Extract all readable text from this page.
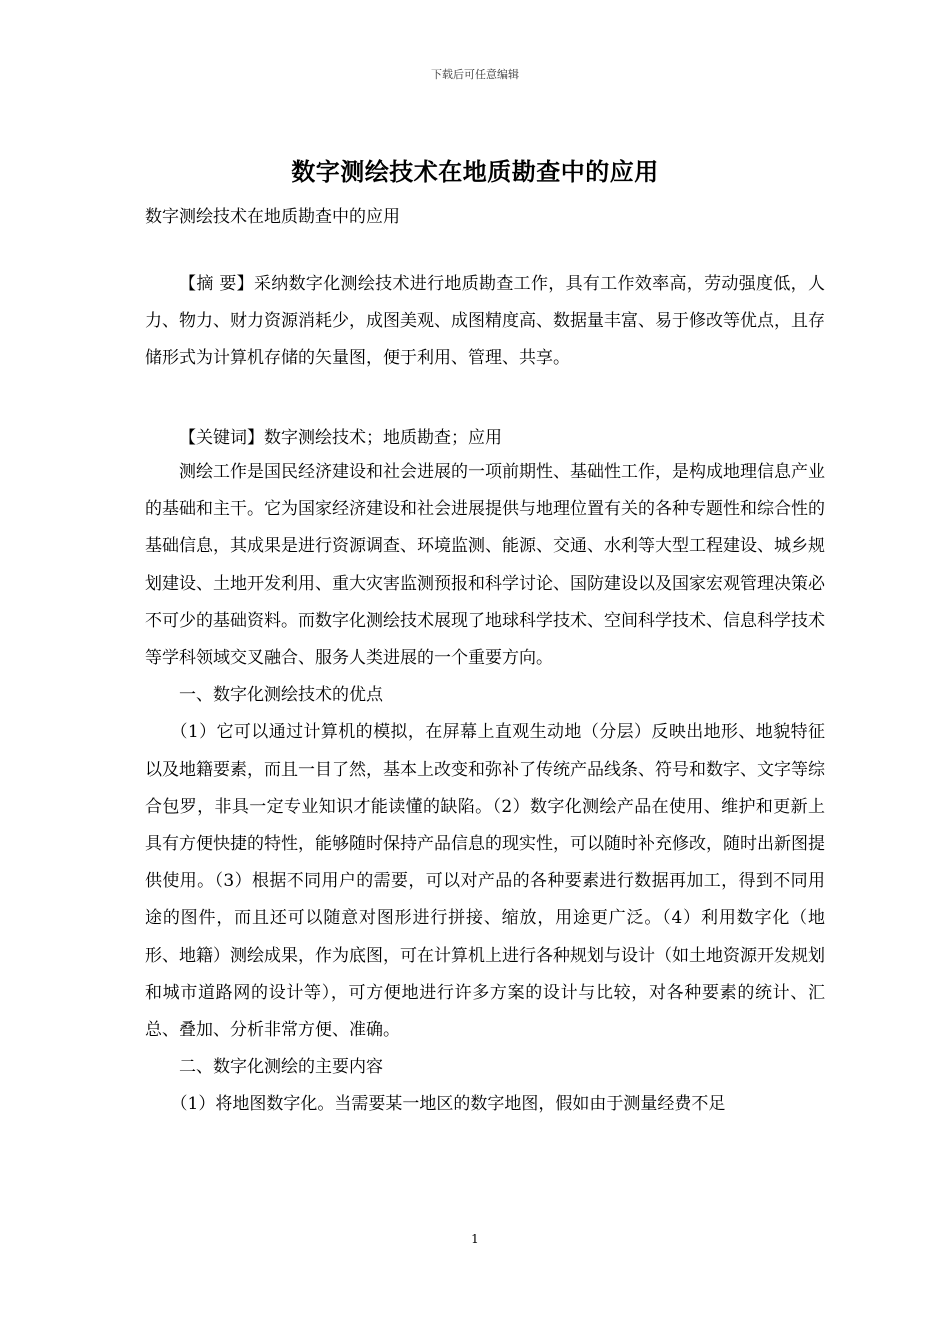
下载后可任意编辑
数字测绘技术在地质勘查中的应用
数字测绘技术在地质勘查中的应用

【摘 要】采纳数字化测绘技术进行地质勘查工作，具有工作效率高，劳动强度低，人力、物力、财力资源消耗少，成图美观、成图精度高、数据量丰富、易于修改等优点，且存储形式为计算机存储的矢量图，便于利用、管理、共享。

【关键词】数字测绘技术；地质勘查；应用

测绘工作是国民经济建设和社会进展的一项前期性、基础性工作，是构成地理信息产业的基础和主干。它为国家经济建设和社会进展提供与地理位置有关的各种专题性和综合性的基础信息，其成果是进行资源调查、环境监测、能源、交通、水利等大型工程建设、城乡规划建设、土地开发利用、重大灾害监测预报和科学讨论、国防建设以及国家宏观管理决策必不可少的基础资料。而数字化测绘技术展现了地球科学技术、空间科学技术、信息科学技术等学科领域交叉融合、服务人类进展的一个重要方向。

一、数字化测绘技术的优点

（1）它可以通过计算机的模拟，在屏幕上直观生动地（分层）反映出地形、地貌特征以及地籍要素，而且一目了然，基本上改变和弥补了传统产品线条、符号和数字、文字等综合包罗，非具一定专业知识才能读懂的缺陷。（2）数字化测绘产品在使用、维护和更新上具有方便快捷的特性，能够随时保持产品信息的现实性，可以随时补充修改，随时出新图提供使用。（3）根据不同用户的需要，可以对产品的各种要素进行数据再加工，得到不同用途的图件，而且还可以随意对图形进行拼接、缩放，用途更广泛。（4）利用数字化（地形、地籍）测绘成果，作为底图，可在计算机上进行各种规划与设计（如土地资源开发规划和城市道路网的设计等），可方便地进行许多方案的设计与比较，对各种要素的统计、汇总、叠加、分析非常方便、准确。

二、数字化测绘的主要内容

（1）将地图数字化。当需要某一地区的数字地图，假如由于测量经费不足

1
